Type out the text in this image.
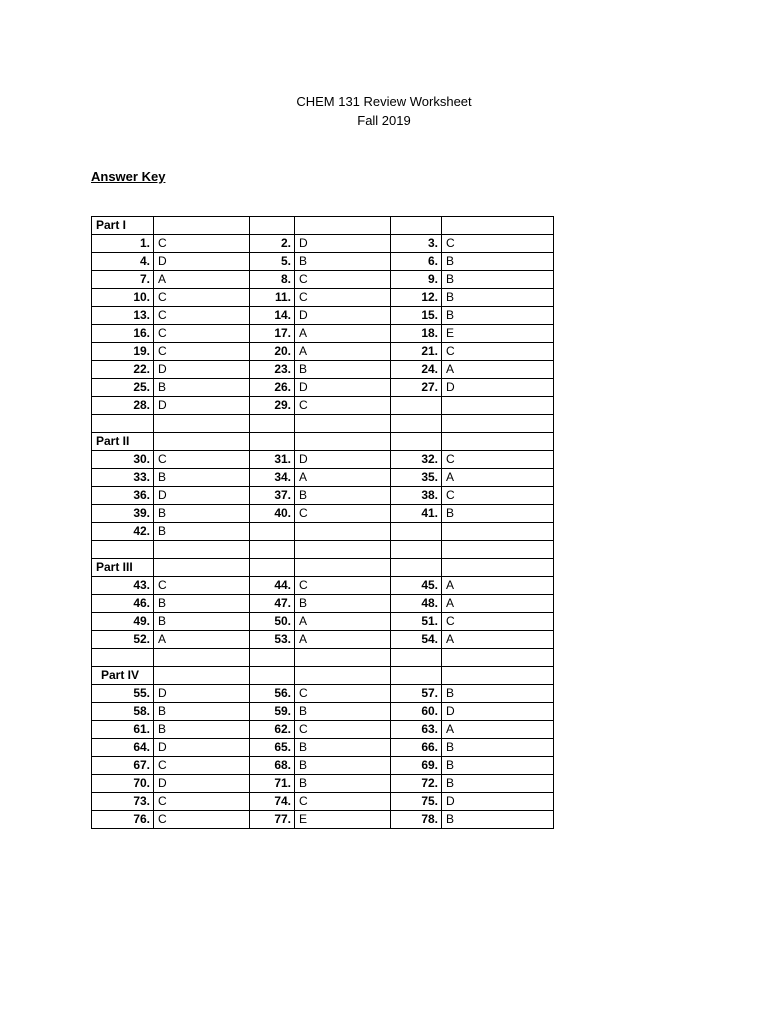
CHEM 131 Review Worksheet
Fall 2019
Answer Key
Part I					
1.	C	2.	D	3.	C
4.	D	5.	B	6.	B
7.	A	8.	C	9.	B
10.	C	11.	C	12.	B
13.	C	14.	D	15.	B
16.	C	17.	A	18.	E
19.	C	20.	A	21.	C
22.	D	23.	B	24.	A
25.	B	26.	D	27.	D
28.	D	29.	C		

Part II					
30.	C	31.	D	32.	C
33.	B	34.	A	35.	A
36.	D	37.	B	38.	C
39.	B	40.	C	41.	B
42.	B				

Part III					
43.	C	44.	C	45.	A
46.	B	47.	B	48.	A
49.	B	50.	A	51.	C
52.	A	53.	A	54.	A

Part IV					
55.	D	56.	C	57.	B
58.	B	59.	B	60.	D
61.	B	62.	C	63.	A
64.	D	65.	B	66.	B
67.	C	68.	B	69.	B
70.	D	71.	B	72.	B
73.	C	74.	C	75.	D
76.	C	77.	E	78.	B
